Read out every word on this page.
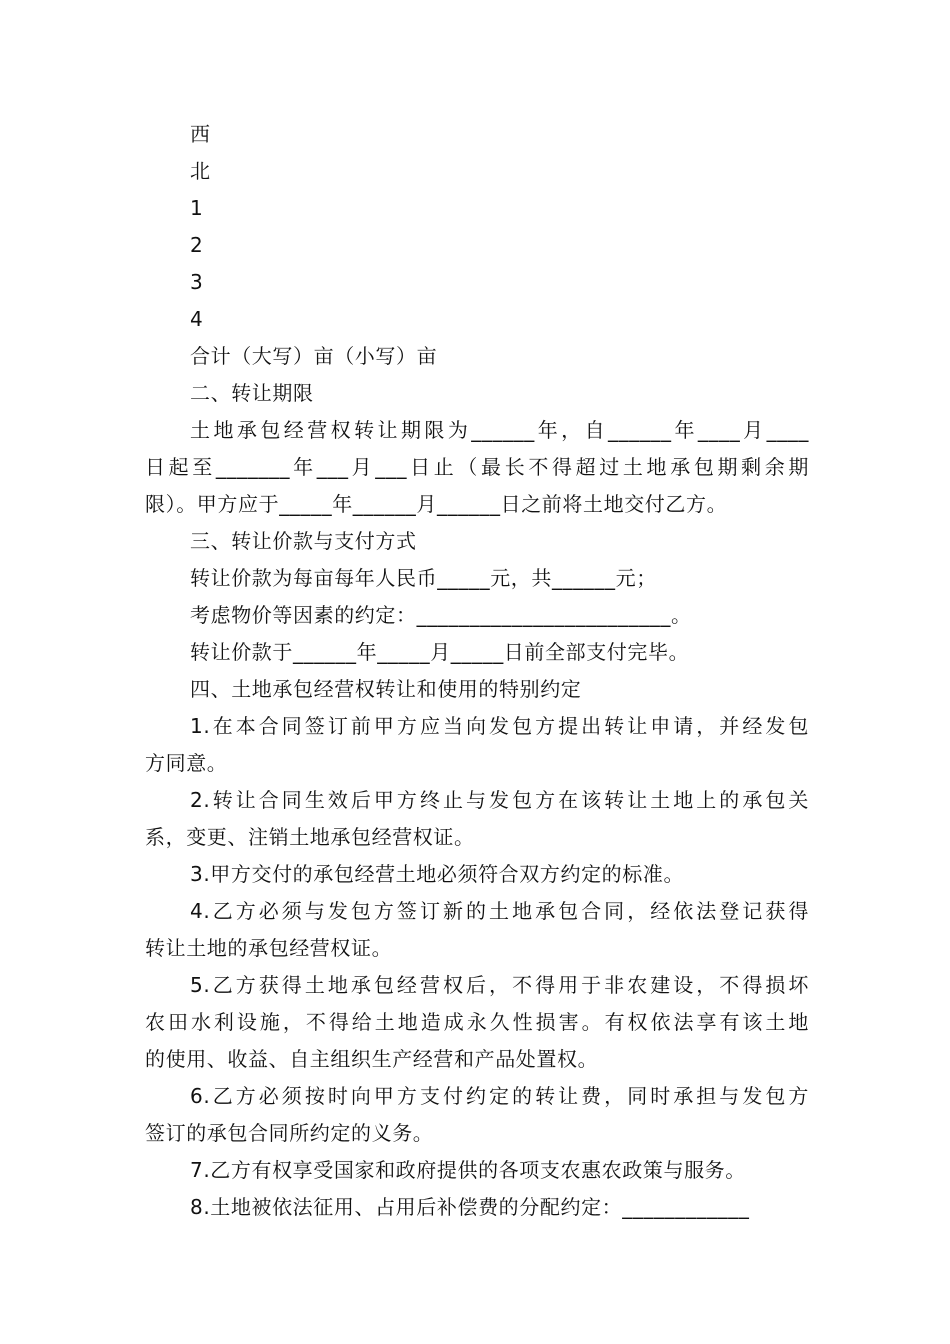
西

北

1

2

3

4

合计（大写）亩（小写）亩

二、转让期限

土地承包经营权转让期限为______年，自______年____月____

日起至_______年___月___日止（最长不得超过土地承包期剩余期

限）。甲方应于_____年______月______日之前将土地交付乙方。

三、转让价款与支付方式

转让价款为每亩每年人民币_____元，共______元；

考虑物价等因素的约定：________________________。

转让价款于______年_____月_____日前全部支付完毕。

四、土地承包经营权转让和使用的特别约定

1.在本合同签订前甲方应当向发包方提出转让申请，并经发包

方同意。

2.转让合同生效后甲方终止与发包方在该转让土地上的承包关

系，变更、注销土地承包经营权证。

3.甲方交付的承包经营土地必须符合双方约定的标准。

4.乙方必须与发包方签订新的土地承包合同，经依法登记获得

转让土地的承包经营权证。

5.乙方获得土地承包经营权后，不得用于非农建设，不得损坏

农田水利设施，不得给土地造成永久性损害。有权依法享有该土地

的使用、收益、自主组织生产经营和产品处置权。

6.乙方必须按时向甲方支付约定的转让费，同时承担与发包方

签订的承包合同所约定的义务。

7.乙方有权享受国家和政府提供的各项支农惠农政策与服务。

8.土地被依法征用、占用后补偿费的分配约定：____________
